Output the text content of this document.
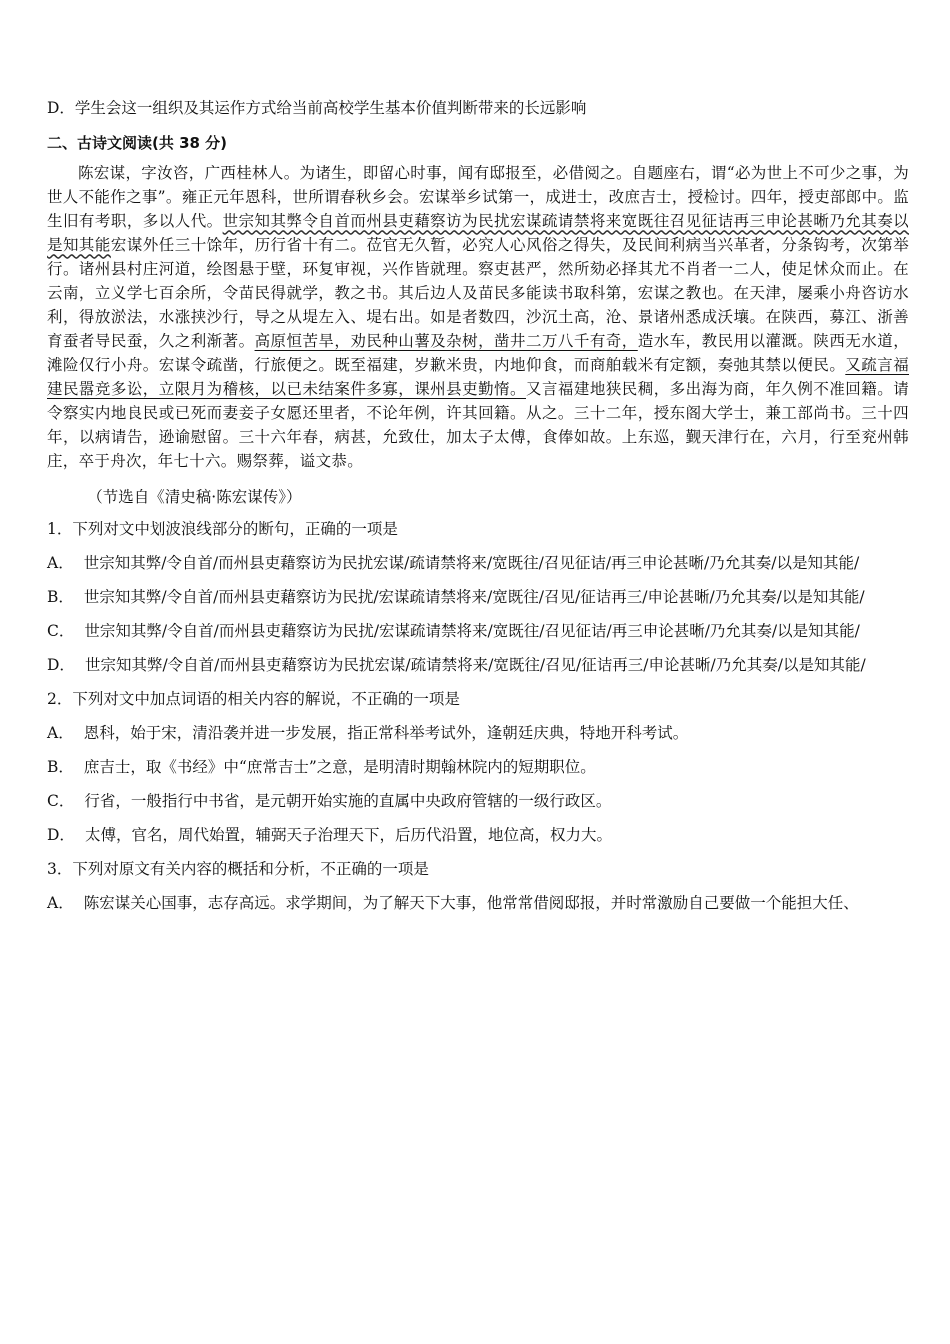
D．学生会这一组织及其运作方式给当前高校学生基本价值判断带来的长远影响

二、古诗文阅读(共 38 分)

陈宏谋，字汝咨，广西桂林人。为诸生，即留心时事，闻有邸报至，必借阅之。自题座右，谓“必为世上不可少之事，为世人不能作之事”。雍正元年恩科，世所谓春秋乡会。宏谋举乡试第一，成进士，改庶吉士，授检讨。四年，授吏部郎中。监生旧有考职，多以人代。世宗知其弊令自首而州县吏藉察访为民扰宏谋疏请禁将来宽既往召见征诘再三申论甚晰乃允其奏以是知其能宏谋外任三十馀年，历行省十有二。莅官无久暂，必究人心风俗之得失，及民间利病当兴革者，分条钩考，次第举行。诸州县村庄河道，绘图悬于壁，环复审视，兴作皆就理。察吏甚严，然所劾必择其尤不肖者一二人，使足怵众而止。在云南，立义学七百余所，令苗民得就学，教之书。其后边人及苗民多能读书取科第，宏谋之教也。在天津，屡乘小舟咨访水利，得放淤法，水涨挟沙行，导之从堤左入、堤右出。如是者数四，沙沉土高，沧、景诸州悉成沃壤。在陕西，募江、浙善育蚕者导民蚕，久之利渐著。高原恒苦旱，劝民种山薯及杂树，凿井二万八千有奇，造水车，教民用以灌溉。陕西无水道，滩险仅行小舟。宏谋令疏凿，行旅便之。既至福建，岁歉米贵，内地仰食，而商舶载米有定额，奏弛其禁以便民。又疏言福建民嚣竞多讼，立限月为稽核，以已未结案件多寡，课州县吏勤惰。又言福建地狭民稠，多出海为商，年久例不准回籍。请令察实内地良民或已死而妻妾子女愿还里者，不论年例，许其回籍。从之。三十二年，授东阁大学士，兼工部尚书。三十四年，以病请告，逊谕慰留。三十六年春，病甚，允致仕，加太子太傅，食俸如故。上东巡，觐天津行在，六月，行至兖州韩庄，卒于舟次，年七十六。赐祭葬，谥文恭。

（节选自《清史稿·陈宏谋传》）

1．下列对文中划波浪线部分的断句，正确的一项是

A． 世宗知其弊/令自首/而州县吏藉察访为民扰宏谋/疏请禁将来/宽既往/召见征诘/再三申论甚晰/乃允其奏/以是知其能/

B． 世宗知其弊/令自首/而州县吏藉察访为民扰/宏谋疏请禁将来/宽既往/召见/征诘再三/申论甚晰/乃允其奏/以是知其能/

C． 世宗知其弊/令自首/而州县吏藉察访为民扰/宏谋疏请禁将来/宽既往/召见征诘/再三申论甚晰/乃允其奏/以是知其能/

D． 世宗知其弊/令自首/而州县吏藉察访为民扰宏谋/疏请禁将来/宽既往/召见/征诘再三/申论甚晰/乃允其奏/以是知其能/

2．下列对文中加点词语的相关内容的解说，不正确的一项是

A． 恩科，始于宋，清沿袭并进一步发展，指正常科举考试外，逢朝廷庆典，特地开科考试。

B． 庶吉士，取《书经》中“庶常吉士”之意，是明清时期翰林院内的短期职位。

C． 行省，一般指行中书省，是元朝开始实施的直属中央政府管辖的一级行政区。

D． 太傅，官名，周代始置，辅弼天子治理天下，后历代沿置，地位高，权力大。

3．下列对原文有关内容的概括和分析，不正确的一项是

A． 陈宏谋关心国事，志存高远。求学期间，为了解天下大事，他常常借阅邸报，并时常激励自己要做一个能担大任、
